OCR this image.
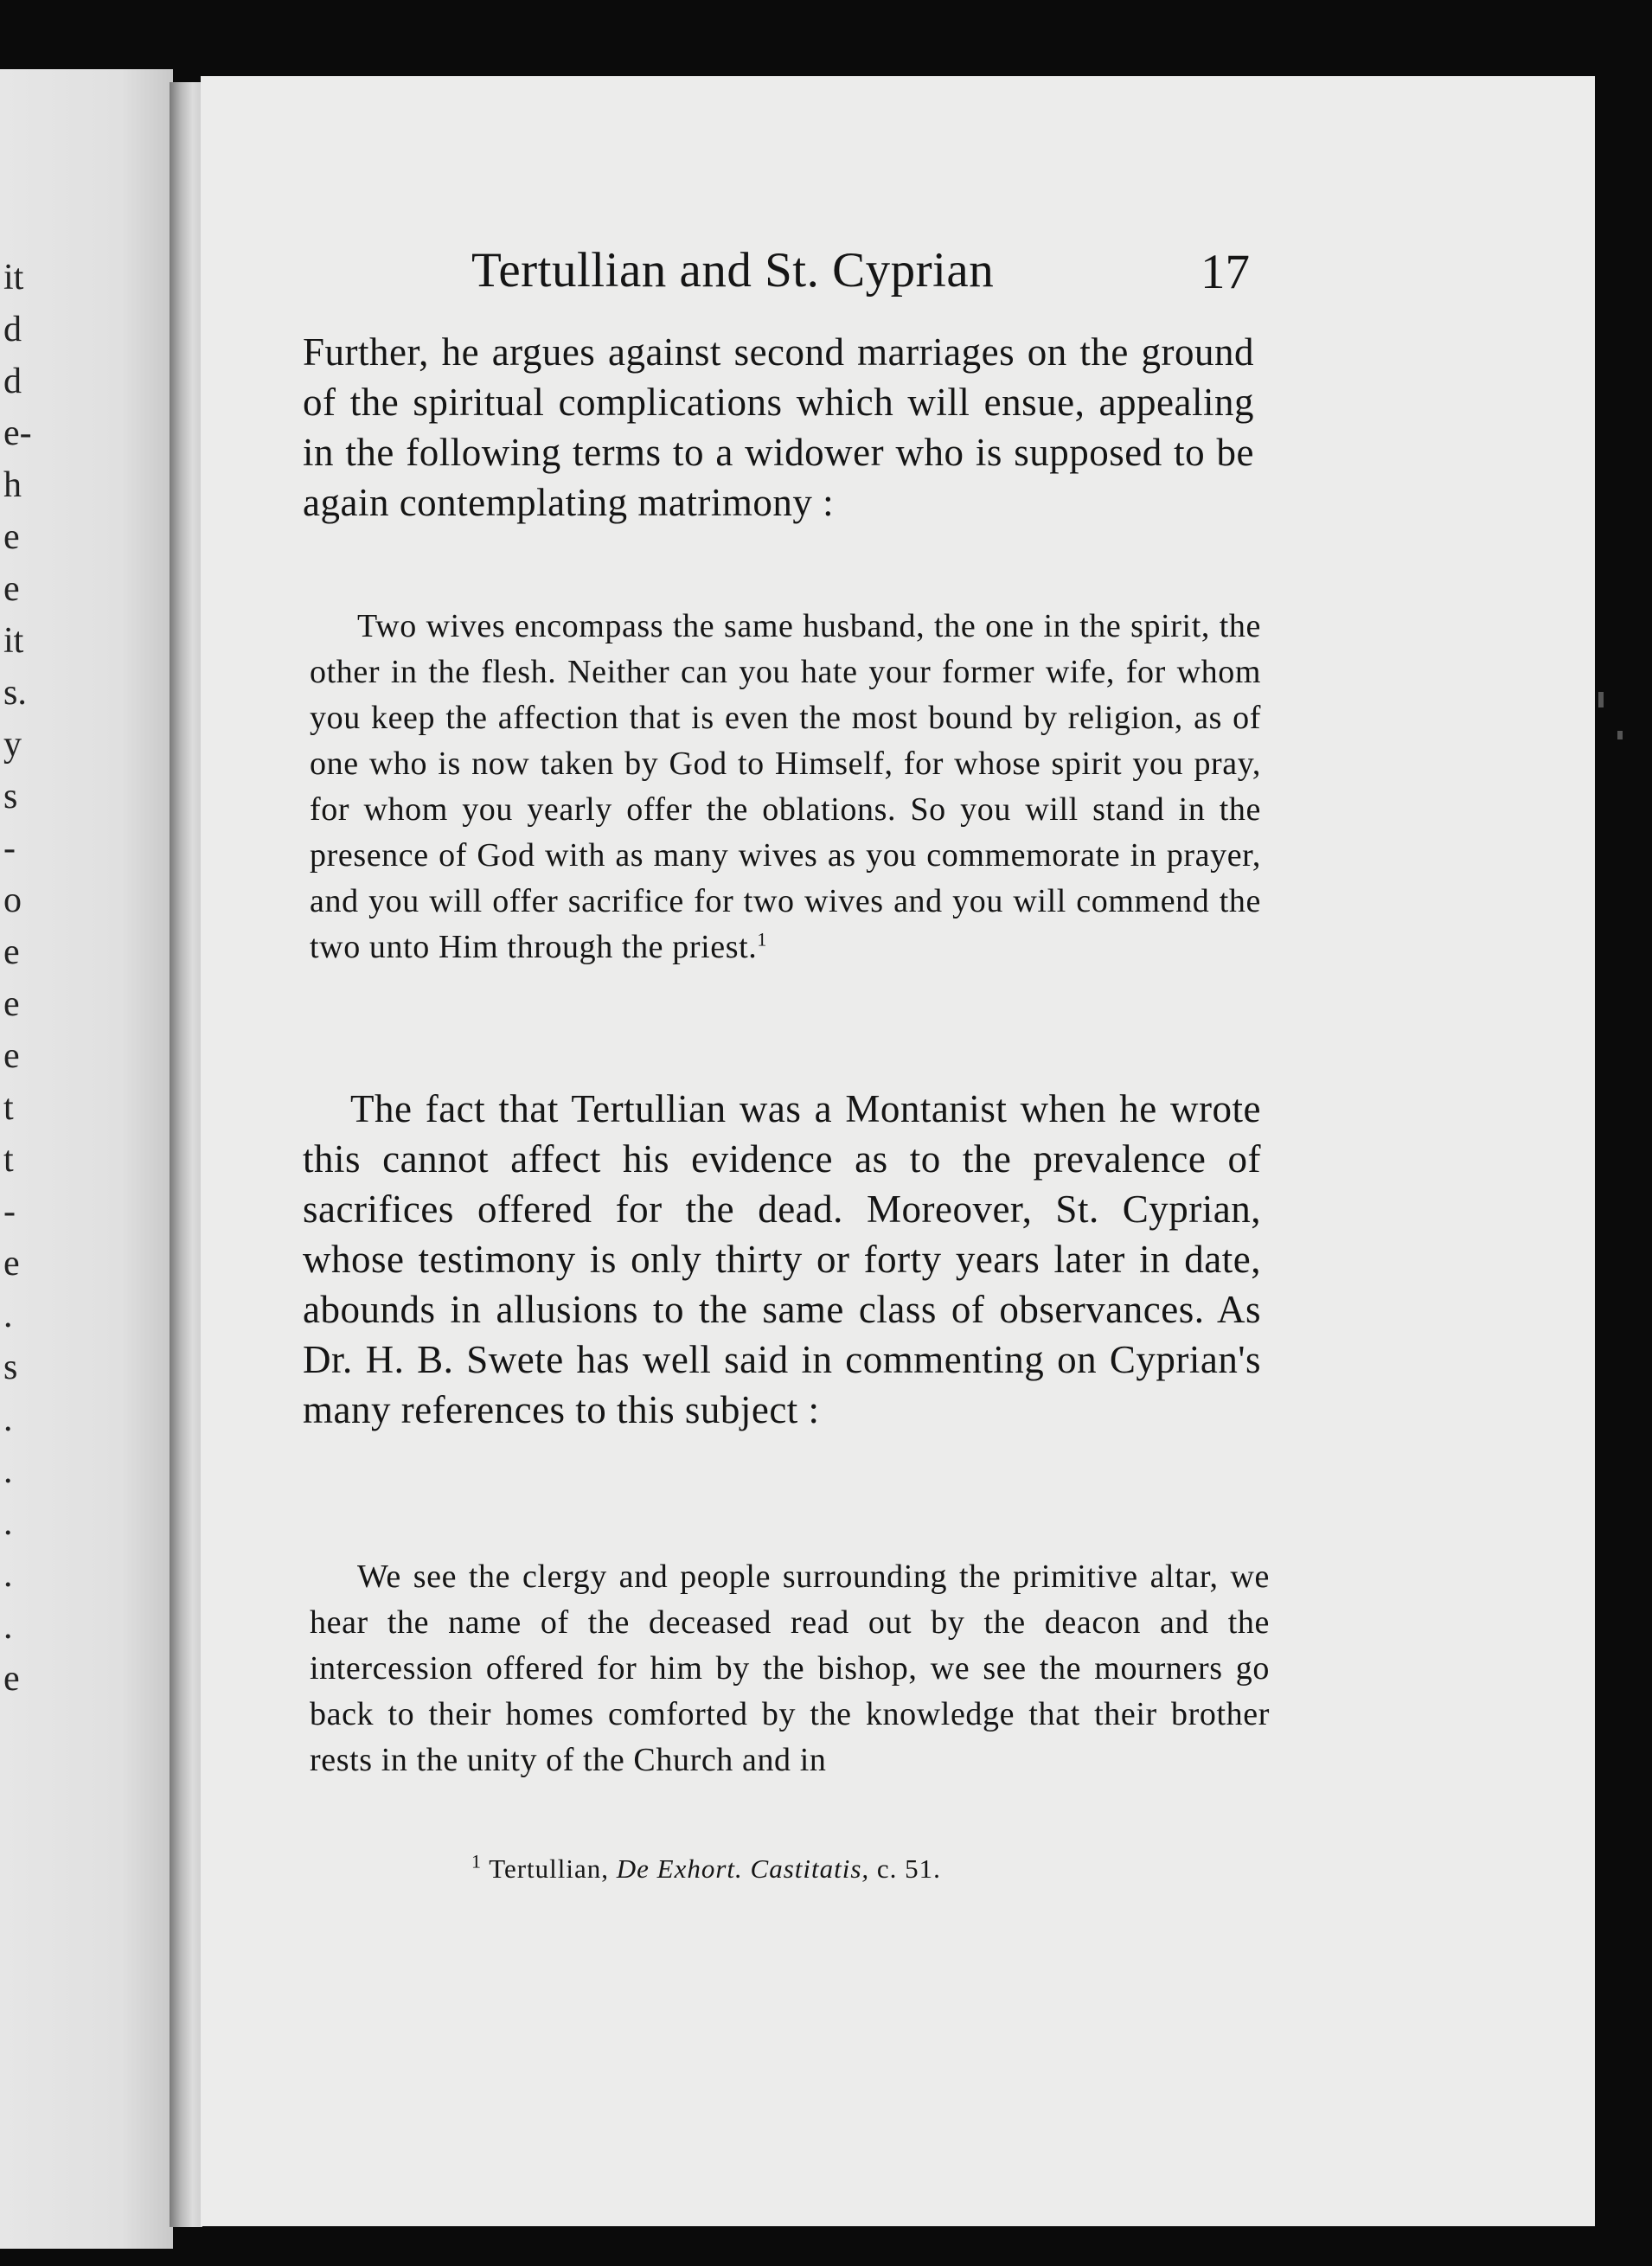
it
d
d
e-
h
e
e
it
s.
y
s
-
o
e
e
e
t
t
-
e
.
s
.
.
.
.
.
e
Tertullian and St. Cyprian	17

Further, he argues against second marriages on the ground of the spiritual complications which will ensue, appealing in the following terms to a widower who is supposed to be again contemplating matrimony :

Two wives encompass the same husband, the one in the spirit, the other in the flesh. Neither can you hate your former wife, for whom you keep the affection that is even the most bound by religion, as of one who is now taken by God to Himself, for whose spirit you pray, for whom you yearly offer the oblations. So you will stand in the presence of God with as many wives as you commemorate in prayer, and you will offer sacrifice for two wives and you will commend the two unto Him through the priest.$^1$

The fact that Tertullian was a Montanist when he wrote this cannot affect his evidence as to the prevalence of sacrifices offered for the dead. Moreover, St. Cyprian, whose testimony is only thirty or forty years later in date, abounds in allusions to the same class of observances. As Dr. H. B. Swete has well said in commenting on Cyprian's many references to this subject :

We see the clergy and people surrounding the primitive altar, we hear the name of the deceased read out by the deacon and the intercession offered for him by the bishop, we see the mourners go back to their homes comforted by the knowledge that their brother rests in the unity of the Church and in

$^1$ Tertullian, De Exhort. Castitatis, c. 51.
